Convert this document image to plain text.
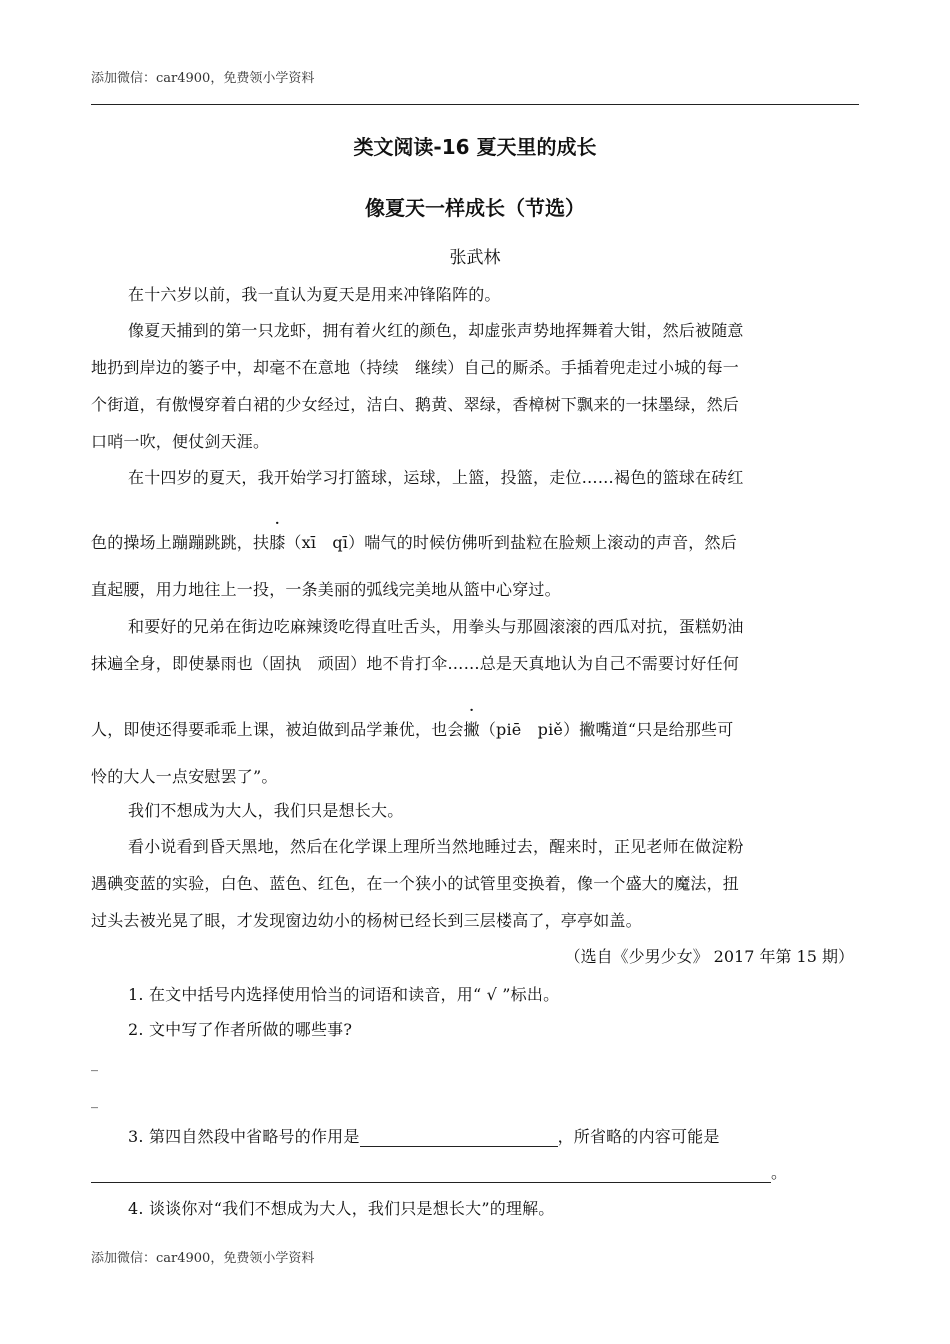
添加微信：car4900，免费领小学资料
类文阅读-16 夏天里的成长
像夏天一样成长（节选）
张武林
在十六岁以前，我一直认为夏天是用来冲锋陷阵的。
像夏天捕到的第一只龙虾，拥有着火红的颜色，却虚张声势地挥舞着大钳，然后被随意
地扔到岸边的篓子中，却毫不在意地（持续　继续）自己的厮杀。手插着兜走过小城的每一
个街道，有傲慢穿着白裙的少女经过，洁白、鹅黄、翠绿，香樟树下飘来的一抹墨绿，然后
口哨一吹，便仗剑天涯。
在十四岁的夏天，我开始学习打篮球，运球，上篮，投篮，走位……褐色的篮球在砖红
色的操场上蹦蹦跳跳，扶膝（xī　qī）喘气的时候仿佛听到盐粒在脸颊上滚动的声音，然后
直起腰，用力地往上一投，一条美丽的弧线完美地从篮中心穿过。
和要好的兄弟在街边吃麻辣烫吃得直吐舌头，用拳头与那圆滚滚的西瓜对抗，蛋糕奶油
抹遍全身，即使暴雨也（固执　顽固）地不肯打伞……总是天真地认为自己不需要讨好任何
人，即使还得要乖乖上课，被迫做到品学兼优，也会撇（piē　piě）撇嘴道“只是给那些可
怜的大人一点安慰罢了”。
我们不想成为大人，我们只是想长大。
看小说看到昏天黑地，然后在化学课上理所当然地睡过去，醒来时，正见老师在做淀粉
遇碘变蓝的实验，白色、蓝色、红色，在一个狭小的试管里变换着，像一个盛大的魔法，扭
过头去被光晃了眼，才发现窗边幼小的杨树已经长到三层楼高了，亭亭如盖。
（选自《少男少女》 2017 年第 15 期）
1. 在文中括号内选择使用恰当的词语和读音，用“ √ ”标出。
2. 文中写了作者所做的哪些事?
_
_
3. 第四自然段中省略号的作用是	，所省略的内容可能是
。
4. 谈谈你对“我们不想成为大人，我们只是想长大”的理解。
添加微信：car4900，免费领小学资料
